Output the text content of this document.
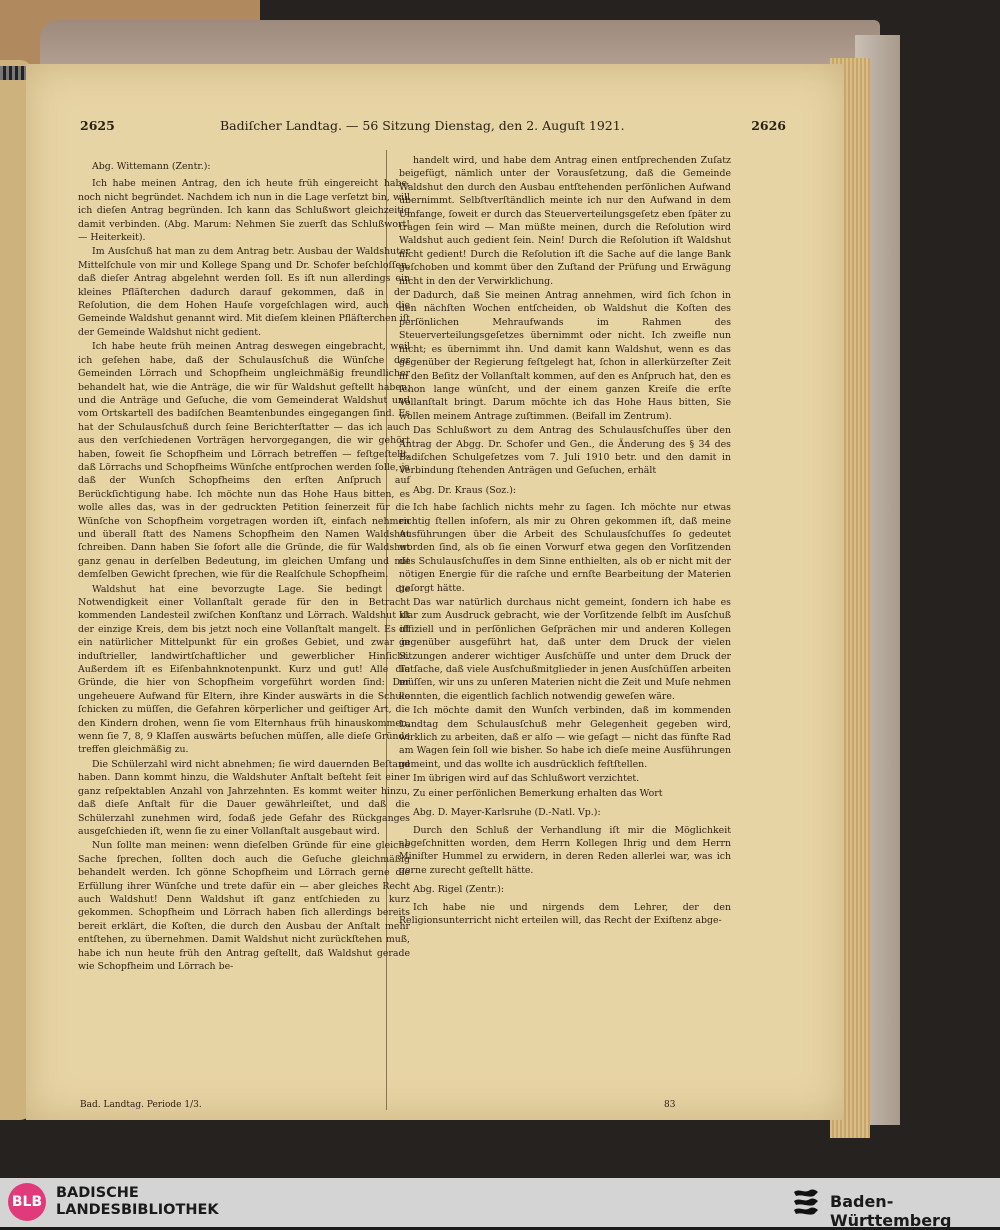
2625	Badiſcher Landtag. — 56 Sitzung Dienstag, den 2. Auguſt 1921.	2626

Abg. Wittemann (Zentr.):

Ich habe meinen Antrag, den ich heute früh eingereicht habe, noch nicht begründet. Nachdem ich nun in die Lage verſetzt bin, will ich dieſen Antrag begründen. Ich kann das Schlußwort gleichzeitig damit verbinden. (Abg. Marum: Nehmen Sie zuerſt das Schlußwort! — Heiterkeit).

Im Ausſchuß hat man zu dem Antrag betr. Ausbau der Waldshuter Mittelſchule von mir und Kollege Spang und Dr. Schofer beſchloſſen, daß dieſer Antrag abgelehnt werden ſoll. Es iſt nun allerdings ein kleines Pfläſterchen dadurch darauf gekommen, daß in der Reſolution, die dem Hohen Hauſe vorgeſchlagen wird, auch die Gemeinde Waldshut genannt wird. Mit dieſem kleinen Pfläſterchen iſt der Gemeinde Waldshut nicht gedient.

Ich habe heute früh meinen Antrag deswegen eingebracht, weil ich geſehen habe, daß der Schulausſchuß die Wünſche der Gemeinden Lörrach und Schopfheim ungleichmäßig freundlicher behandelt hat, wie die Anträge, die wir für Waldshut geſtellt haben, und die Anträge und Geſuche, die vom Gemeinderat Waldshut und vom Ortskartell des badiſchen Beamtenbundes eingegangen ſind. Es hat der Schulausſchuß durch ſeine Berichterſtatter — das ich auch aus den verſchiedenen Vorträgen hervorgegangen, die wir gehört haben, ſoweit ſie Schopfheim und Lörrach betreffen — feſtgeſtellt, daß Lörrachs und Schopfheims Wünſche entſprochen werden ſolle, ja daß der Wunſch Schopfheims den erſten Anſpruch auf Berückſichtigung habe. Ich möchte nun das Hohe Haus bitten, es wolle alles das, was in der gedruckten Petition ſeinerzeit für die Wünſche von Schopfheim vorgetragen worden iſt, einfach nehmen und überall ſtatt des Namens Schopfheim den Namen Waldshut ſchreiben. Dann haben Sie ſofort alle die Gründe, die für Waldshut ganz genau in derſelben Bedeutung, im gleichen Umfang und mit demſelben Gewicht ſprechen, wie für die Realſchule Schopfheim.

Waldshut hat eine bevorzugte Lage. Sie bedingt die Notwendigkeit einer Vollanſtalt gerade für den in Betracht kommenden Landesteil zwiſchen Konſtanz und Lörrach. Waldshut iſt der einzige Kreis, dem bis jetzt noch eine Vollanſtalt mangelt. Es iſt ein natürlicher Mittelpunkt für ein großes Gebiet, und zwar in induſtrieller, landwirtſchaftlicher und gewerblicher Hinſicht. Außerdem iſt es Eiſenbahnknotenpunkt. Kurz und gut! Alle die Gründe, die hier von Schopfheim vorgeführt worden ſind: Der ungeheuere Aufwand für Eltern, ihre Kinder auswärts in die Schule ſchicken zu müſſen, die Gefahren körperlicher und geiſtiger Art, die den Kindern drohen, wenn ſie vom Elternhaus früh hinauskommen, wenn ſie 7, 8, 9 Klaſſen auswärts beſuchen müſſen, alle dieſe Gründe treffen gleichmäßig zu.

Die Schülerzahl wird nicht abnehmen; ſie wird dauernden Beſtand haben. Dann kommt hinzu, die Waldshuter Anſtalt beſteht ſeit einer ganz reſpektablen Anzahl von Jahrzehnten. Es kommt weiter hinzu, daß dieſe Anſtalt für die Dauer gewährleiſtet, und daß die Schülerzahl zunehmen wird, ſodaß jede Gefahr des Rückganges ausgeſchieden iſt, wenn ſie zu einer Vollanſtalt ausgebaut wird.

Nun ſollte man meinen: wenn dieſelben Gründe für eine gleiche Sache ſprechen, ſollten doch auch die Geſuche gleichmäßig behandelt werden. Ich gönne Schopfheim und Lörrach gerne die Erfüllung ihrer Wünſche und trete dafür ein — aber gleiches Recht auch Waldshut! Denn Waldshut iſt ganz entſchieden zu kurz gekommen. Schopfheim und Lörrach haben ſich allerdings bereits bereit erklärt, die Koſten, die durch den Ausbau der Anſtalt mehr entſtehen, zu übernehmen. Damit Waldshut nicht zurückſtehen muß, habe ich nun heute früh den Antrag geſtellt, daß Waldshut gerade wie Schopfheim und Lörrach be-

handelt wird, und habe dem Antrag einen entſprechenden Zuſatz beigefügt, nämlich unter der Vorausſetzung, daß die Gemeinde Waldshut den durch den Ausbau entſtehenden perſönlichen Aufwand übernimmt. Selbſtverſtändlich meinte ich nur den Aufwand in dem Umfange, ſoweit er durch das Steuerverteilungsgeſetz eben ſpäter zu tragen ſein wird — Man müßte meinen, durch die Reſolution wird Waldshut auch gedient ſein. Nein! Durch die Reſolution iſt Waldshut nicht gedient! Durch die Reſolution iſt die Sache auf die lange Bank geſchoben und kommt über den Zuſtand der Prüfung und Erwägung nicht in den der Verwirklichung.

Dadurch, daß Sie meinen Antrag annehmen, wird ſich ſchon in den nächſten Wochen entſcheiden, ob Waldshut die Koſten des perſönlichen Mehraufwands im Rahmen des Steuerverteilungsgeſetzes übernimmt oder nicht. Ich zweifle nun nicht; es übernimmt ihn. Und damit kann Waldshut, wenn es das gegenüber der Regierung feſtgelegt hat, ſchon in allerkürzeſter Zeit in den Beſitz der Vollanſtalt kommen, auf den es Anſpruch hat, den es ſchon lange wünſcht, und der einem ganzen Kreiſe die erſte Vollanſtalt bringt. Darum möchte ich das Hohe Haus bitten, Sie wollen meinem Antrage zuſtimmen. (Beifall im Zentrum).

Das Schlußwort zu dem Antrag des Schulausſchuſſes über den Antrag der Abgg. Dr. Schofer und Gen., die Änderung des § 34 des Badiſchen Schulgeſetzes vom 7. Juli 1910 betr. und den damit in Verbindung ſtehenden Anträgen und Geſuchen, erhält

Abg. Dr. Kraus (Soz.):

Ich habe ſachlich nichts mehr zu ſagen. Ich möchte nur etwas richtig ſtellen inſofern, als mir zu Ohren gekommen iſt, daß meine Ausführungen über die Arbeit des Schulausſchuſſes ſo gedeutet worden ſind, als ob ſie einen Vorwurf etwa gegen den Vorſitzenden des Schulausſchuſſes in dem Sinne enthielten, als ob er nicht mit der nötigen Energie für die raſche und ernſte Bearbeitung der Materien geſorgt hätte.

Das war natürlich durchaus nicht gemeint, ſondern ich habe es klar zum Ausdruck gebracht, wie der Vorſitzende ſelbſt im Ausſchuß offiziell und in perſönlichen Geſprächen mir und anderen Kollegen gegenüber ausgeführt hat, daß unter dem Druck der vielen Sitzungen anderer wichtiger Ausſchüſſe und unter dem Druck der Tatſache, daß viele Ausſchußmitglieder in jenen Ausſchüſſen arbeiten müſſen, wir uns zu unſeren Materien nicht die Zeit und Muſe nehmen konnten, die eigentlich ſachlich notwendig geweſen wäre.

Ich möchte damit den Wunſch verbinden, daß im kommenden Landtag dem Schulausſchuß mehr Gelegenheit gegeben wird, wirklich zu arbeiten, daß er alſo — wie geſagt — nicht das fünfte Rad am Wagen ſein ſoll wie bisher. So habe ich dieſe meine Ausführungen gemeint, und das wollte ich ausdrücklich feſtſtellen.

Im übrigen wird auf das Schlußwort verzichtet.

Zu einer perſönlichen Bemerkung erhalten das Wort

Abg. D. Mayer-Karlsruhe (D.-Natl. Vp.):

Durch den Schluß der Verhandlung iſt mir die Möglichkeit abgeſchnitten worden, dem Herrn Kollegen Ihrig und dem Herrn Miniſter Hummel zu erwidern, in deren Reden allerlei war, was ich gerne zurecht geſtellt hätte.

Abg. Rigel (Zentr.):

Ich habe nie und nirgends dem Lehrer, der den Religionsunterricht nicht erteilen will, das Recht der Exiſtenz abge-

Bad. Landtag. Periode 1/3.	83
BLB
BADISCHE
LANDESBIBLIOTHEK	Baden-Württemberg
